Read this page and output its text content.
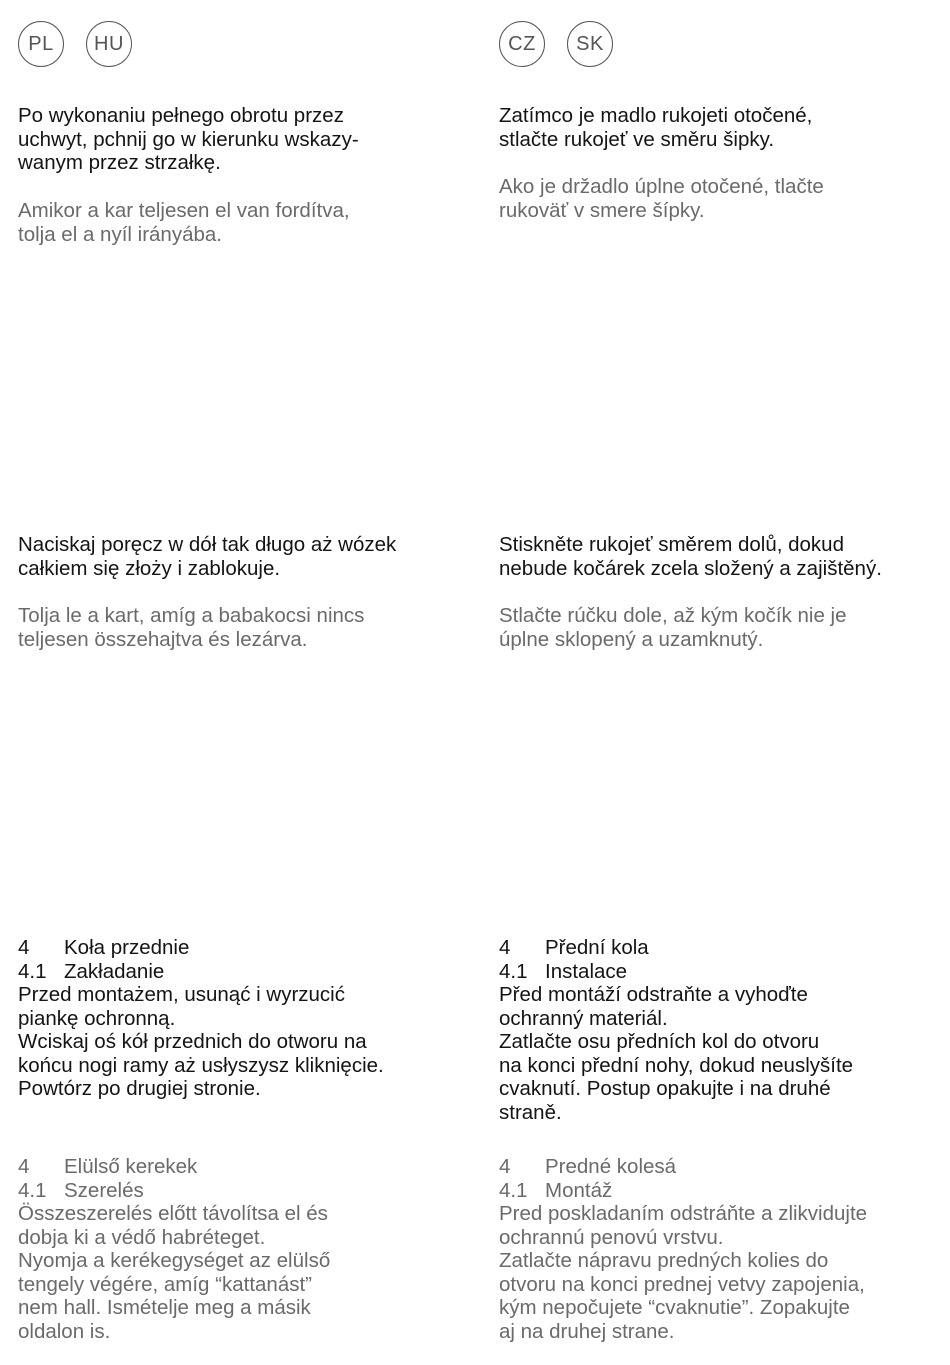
PL	HU

Po wykonaniu pełnego obrotu przez
uchwyt, pchnij go w kierunku wskazy-
wanym przez strzałkę.

Amikor a kar teljesen el van fordítva,
tolja el a nyíl irányába.

Naciskaj poręcz w dół tak długo aż wózek
całkiem się złoży i zablokuje.

Tolja le a kart, amíg a babakocsi nincs
teljesen összehajtva és lezárva.

4	Koła przednie
4.1 Zakładanie
Przed montażem, usunąć i wyrzucić
piankę ochronną.
Wciskaj oś kół przednich do otworu na
końcu nogi ramy aż usłyszysz kliknięcie.
Powtórz po drugiej stronie.
4	Elülső kerekek
4.1 Szerelés
Összeszerelés előtt távolítsa el és
dobja ki a védő habréteget.
Nyomja a kerékegységet az elülső
tengely végére, amíg “kattanást”
nem hall. Ismételje meg a másik
oldalon is.
CZ	SK

Zatímco je madlo rukojeti otočené,
stlačte rukojeť ve směru šipky.

Ako je držadlo úplne otočené, tlačte
rukoväť v smere šípky.

Stiskněte rukojeť směrem dolů, dokud
nebude kočárek zcela složený a zajištěný.

Stlačte rúčku dole, až kým kočík nie je
úplne sklopený a uzamknutý.

4	Přední kola
4.1 Instalace
Před montáží odstraňte a vyhoďte
ochranný materiál.
Zatlačte osu předních kol do otvoru
na konci přední nohy, dokud neuslyšíte
cvaknutí. Postup opakujte i na druhé
straně.
4	Predné kolesá
4.1 Montáž
Pred poskladaním odstráňte a zlikvidujte
ochrannú penovú vrstvu.
Zatlačte nápravu predných kolies do
otvoru na konci prednej vetvy zapojenia,
kým nepočujete “cvaknutie”. Zopakujte
aj na druhej strane.
